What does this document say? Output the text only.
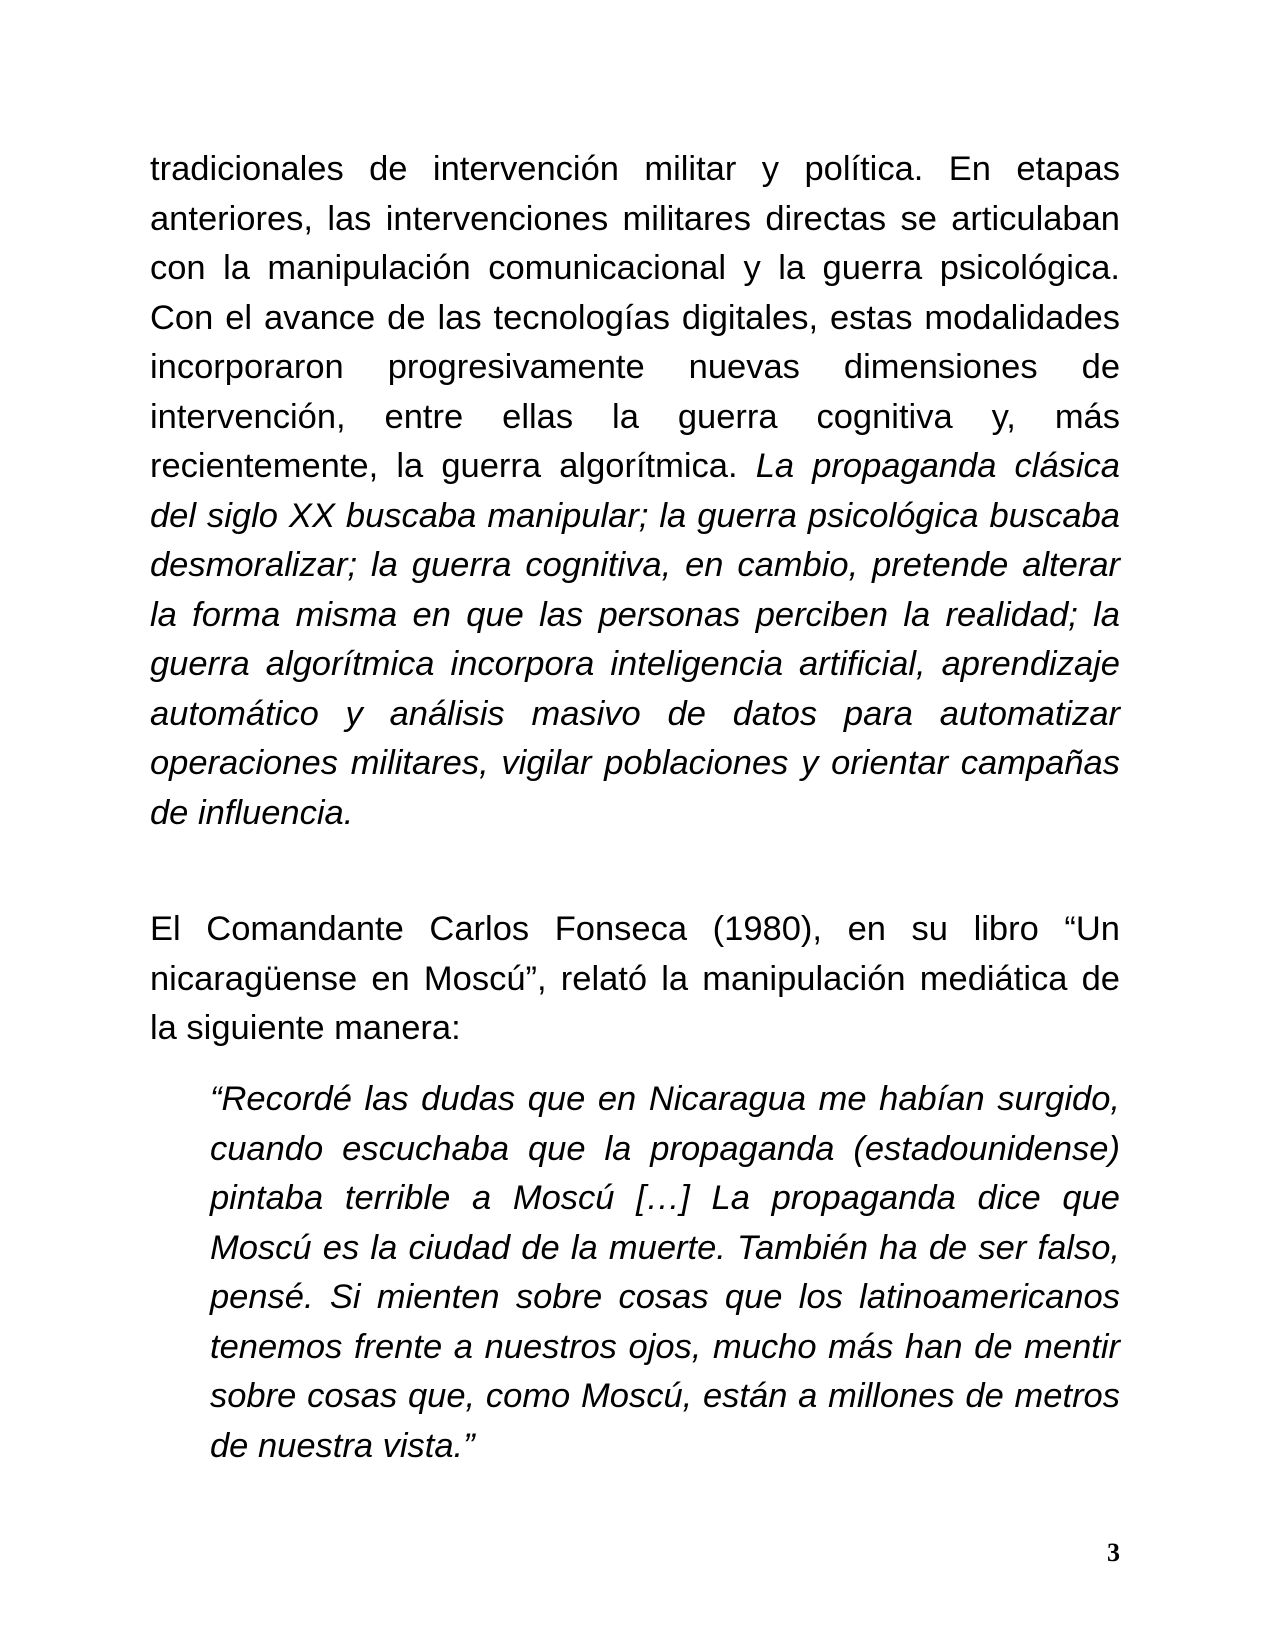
tradicionales de intervención militar y política. En etapas anteriores, las intervenciones militares directas se articulaban con la manipulación comunicacional y la guerra psicológica. Con el avance de las tecnologías digitales, estas modalidades incorporaron progresivamente nuevas dimensiones de intervención, entre ellas la guerra cognitiva y, más recientemente, la guerra algorítmica. La propaganda clásica del siglo XX buscaba manipular; la guerra psicológica buscaba desmoralizar; la guerra cognitiva, en cambio, pretende alterar la forma misma en que las personas perciben la realidad; la guerra algorítmica incorpora inteligencia artificial, aprendizaje automático y análisis masivo de datos para automatizar operaciones militares, vigilar poblaciones y orientar campañas de influencia.

El Comandante Carlos Fonseca (1980), en su libro “Un nicaragüense en Moscú”, relató la manipulación mediática de la siguiente manera:

“Recordé las dudas que en Nicaragua me habían surgido, cuando escuchaba que la propaganda (estadounidense) pintaba terrible a Moscú […] La propaganda dice que Moscú es la ciudad de la muerte. También ha de ser falso, pensé. Si mienten sobre cosas que los latinoamericanos tenemos frente a nuestros ojos, mucho más han de mentir sobre cosas que, como Moscú, están a millones de metros de nuestra vista.”

3
